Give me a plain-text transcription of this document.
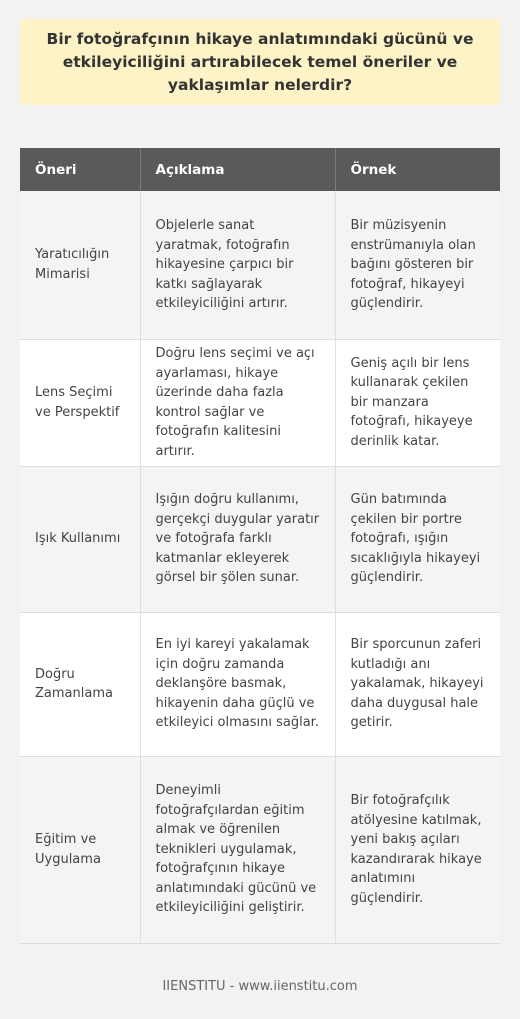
Bir fotoğrafçının hikaye anlatımındaki gücünü ve etkileyiciliğini artırabilecek temel öneriler ve yaklaşımlar nelerdir?
Öneri	Açıklama	Örnek
Yaratıcılığın Mimarisi	Objelerle sanat yaratmak, fotoğrafın hikayesine çarpıcı bir katkı sağlayarak etkileyiciliğini artırır.	Bir müzisyenin enstrümanıyla olan bağını gösteren bir fotoğraf, hikayeyi güçlendirir.
Lens Seçimi ve Perspektif	Doğru lens seçimi ve açı ayarlaması, hikaye üzerinde daha fazla kontrol sağlar ve fotoğrafın kalitesini artırır.	Geniş açılı bir lens kullanarak çekilen bir manzara fotoğrafı, hikayeye derinlik katar.
Işık Kullanımı	Işığın doğru kullanımı, gerçekçi duygular yaratır ve fotoğrafa farklı katmanlar ekleyerek görsel bir şölen sunar.	Gün batımında çekilen bir portre fotoğrafı, ışığın sıcaklığıyla hikayeyi güçlendirir.
Doğru Zamanlama	En iyi kareyi yakalamak için doğru zamanda deklanşöre basmak, hikayenin daha güçlü ve etkileyici olmasını sağlar.	Bir sporcunun zaferi kutladığı anı yakalamak, hikayeyi daha duygusal hale getirir.
Eğitim ve Uygulama	Deneyimli fotoğrafçılardan eğitim almak ve öğrenilen teknikleri uygulamak, fotoğrafçının hikaye anlatımındaki gücünü ve etkileyiciliğini geliştirir.	Bir fotoğrafçılık atölyesine katılmak, yeni bakış açıları kazandırarak hikaye anlatımını güçlendirir.
IIENSTITU - www.iienstitu.com
